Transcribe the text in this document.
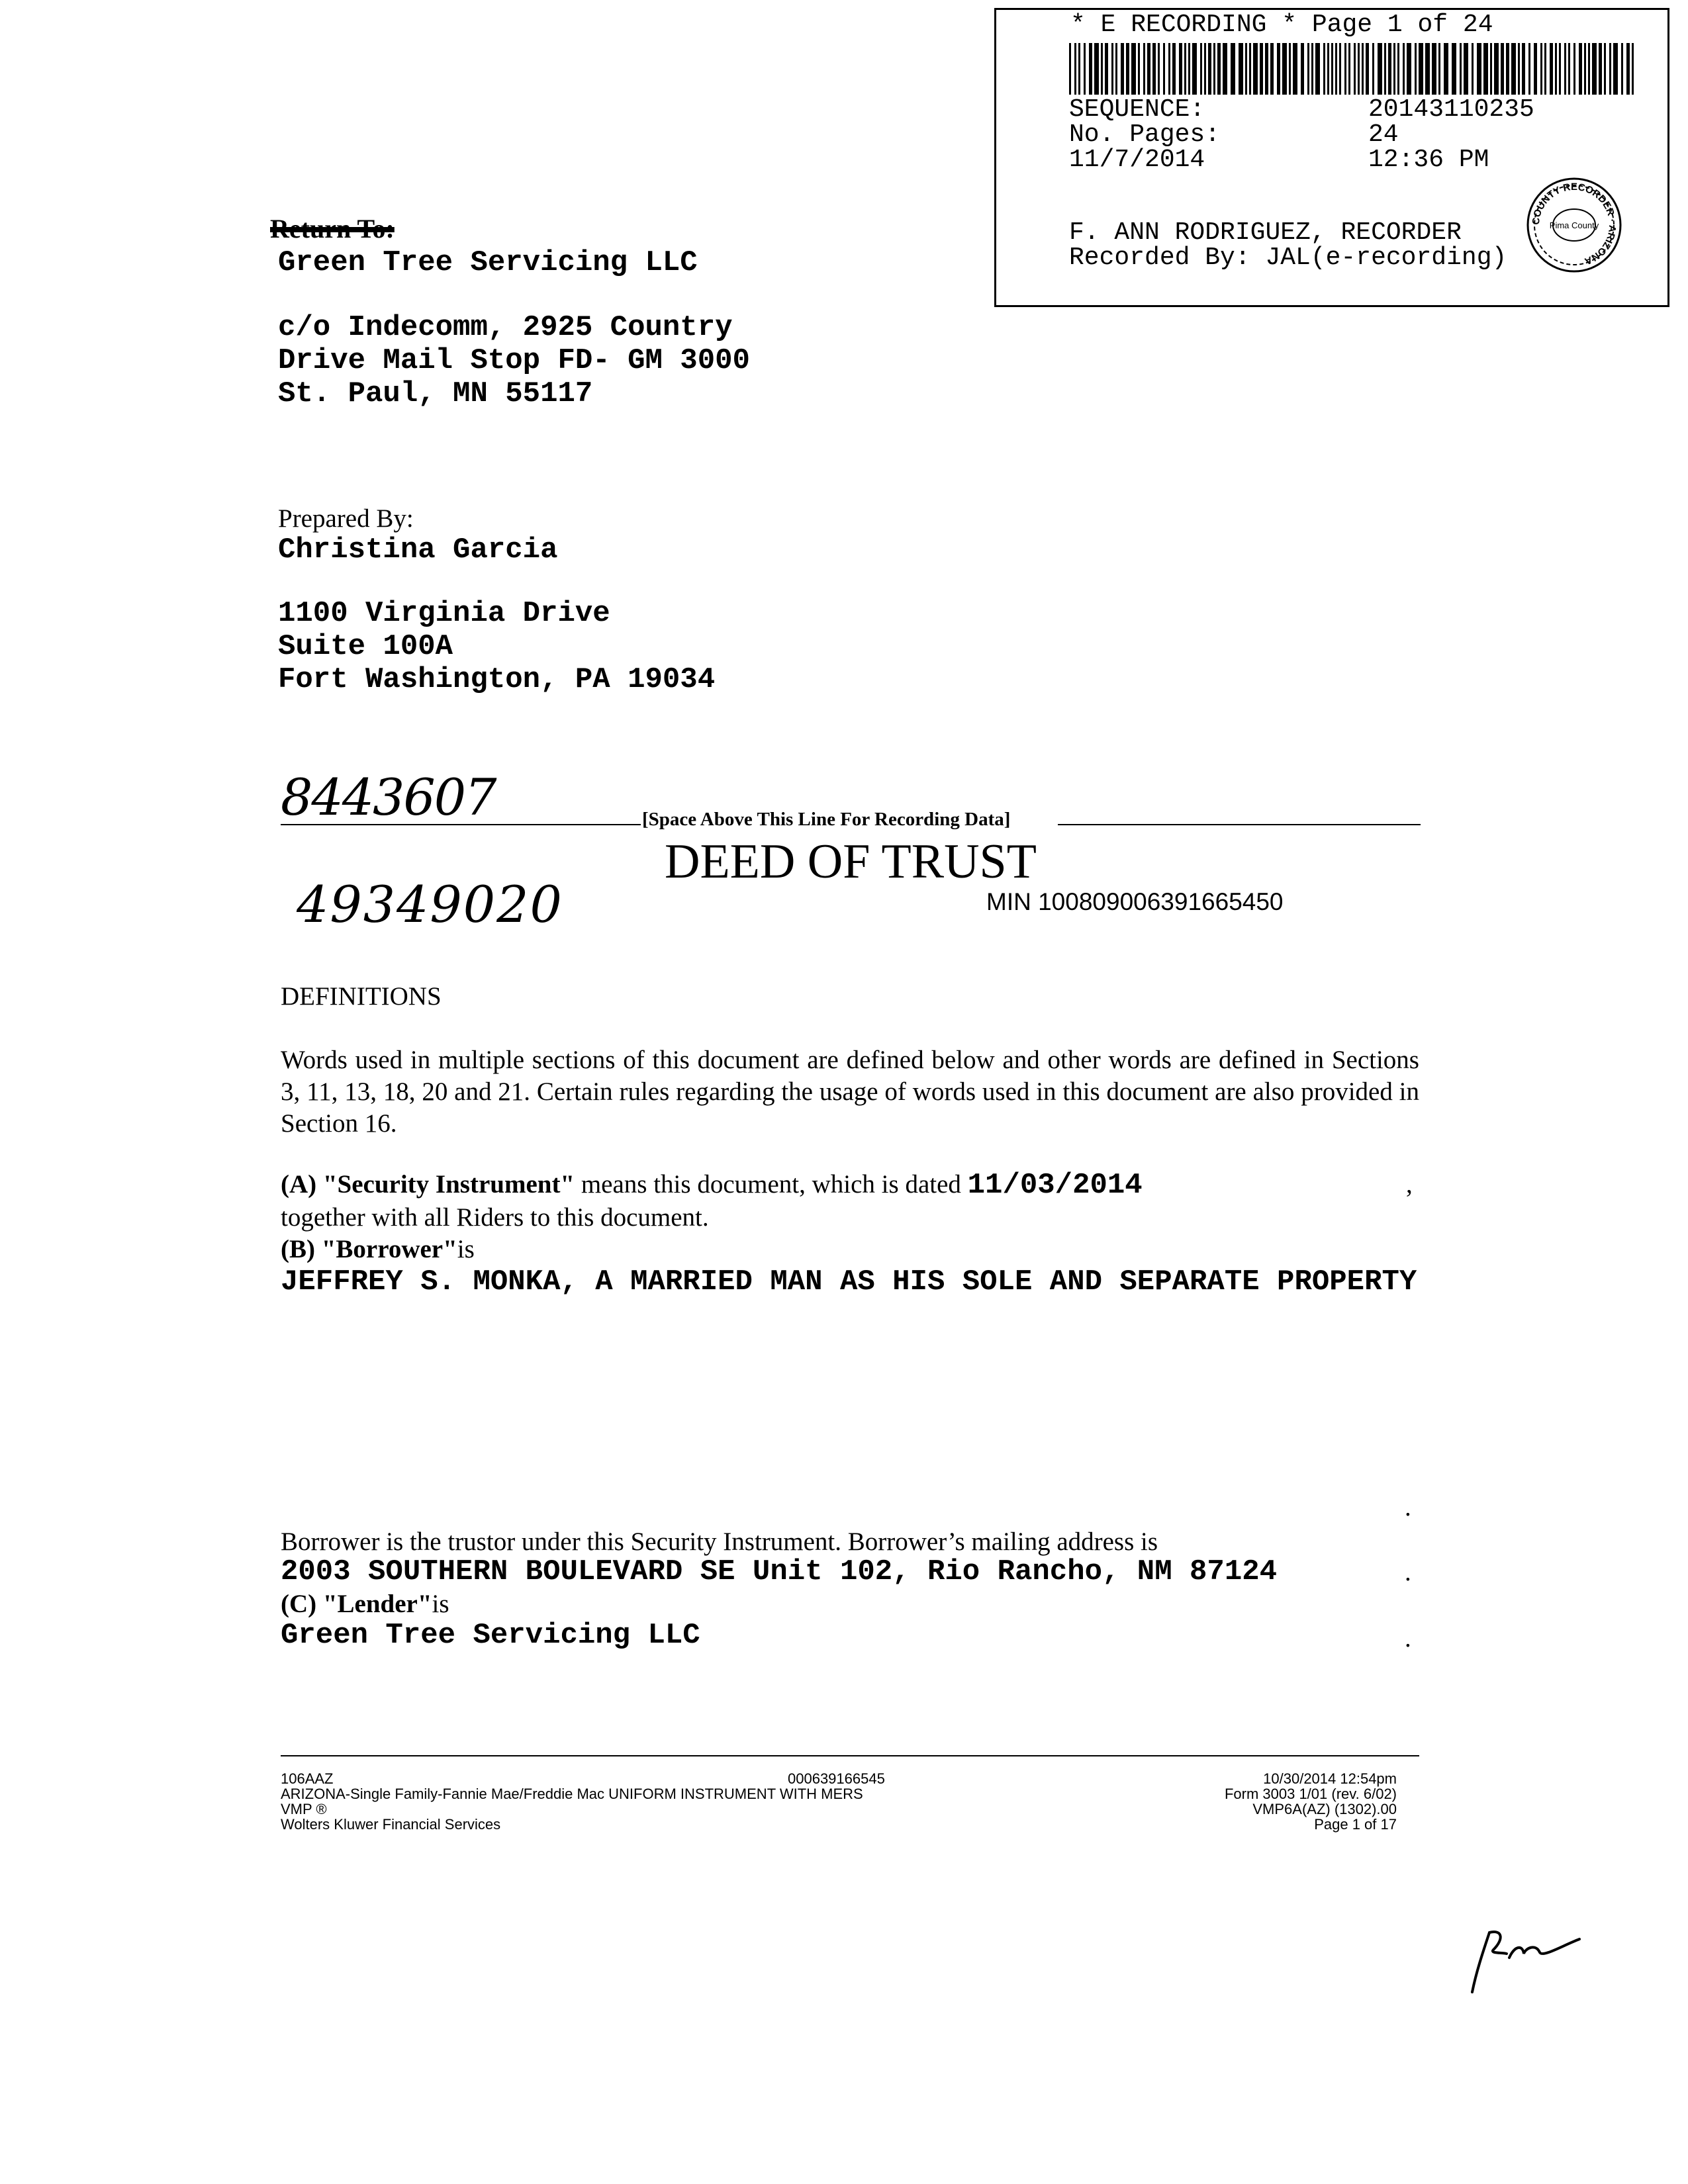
* E RECORDING * Page 1 of 24
SEQUENCE:	20143110235
No. Pages:	24
11/7/2014	12:36 PM
F. ANN RODRIGUEZ, RECORDER
Recorded By: JAL(e-recording)
COUNTY RECORDER · ARIZONA
Pima County
Return To:
Green Tree Servicing LLC
c/o Indecomm, 2925 Country
Drive Mail Stop FD- GM 3000
St. Paul, MN 55117
Prepared By:
Christina Garcia
1100 Virginia Drive
Suite 100A
Fort Washington, PA 19034
8443607
49349020
[Space Above This Line For Recording Data]
DEED OF TRUST
MIN 100809006391665450
DEFINITIONS
Words used in multiple sections of this document are defined below and other words are defined in Sections 3, 11, 13, 18, 20 and 21. Certain rules regarding the usage of words used in this document are also provided in Section 16.
(A) "Security Instrument" means this document, which is dated 11/03/2014	,
together with all Riders to this document.
(B) "Borrower"is
JEFFREY S. MONKA, A MARRIED MAN AS HIS SOLE AND SEPARATE PROPERTY
.
Borrower is the trustor under this Security Instrument. Borrower’s mailing address is
2003 SOUTHERN BOULEVARD SE Unit 102, Rio Rancho, NM 87124	.
(C) "Lender"is
Green Tree Servicing LLC	.
106AAZ	000639166545	10/30/2014 12:54pm
ARIZONA-Single Family-Fannie Mae/Freddie Mac UNIFORM INSTRUMENT WITH MERS	Form 3003 1/01 (rev. 6/02)
VMP ®	VMP6A(AZ) (1302).00
Wolters Kluwer Financial Services	Page 1 of 17
